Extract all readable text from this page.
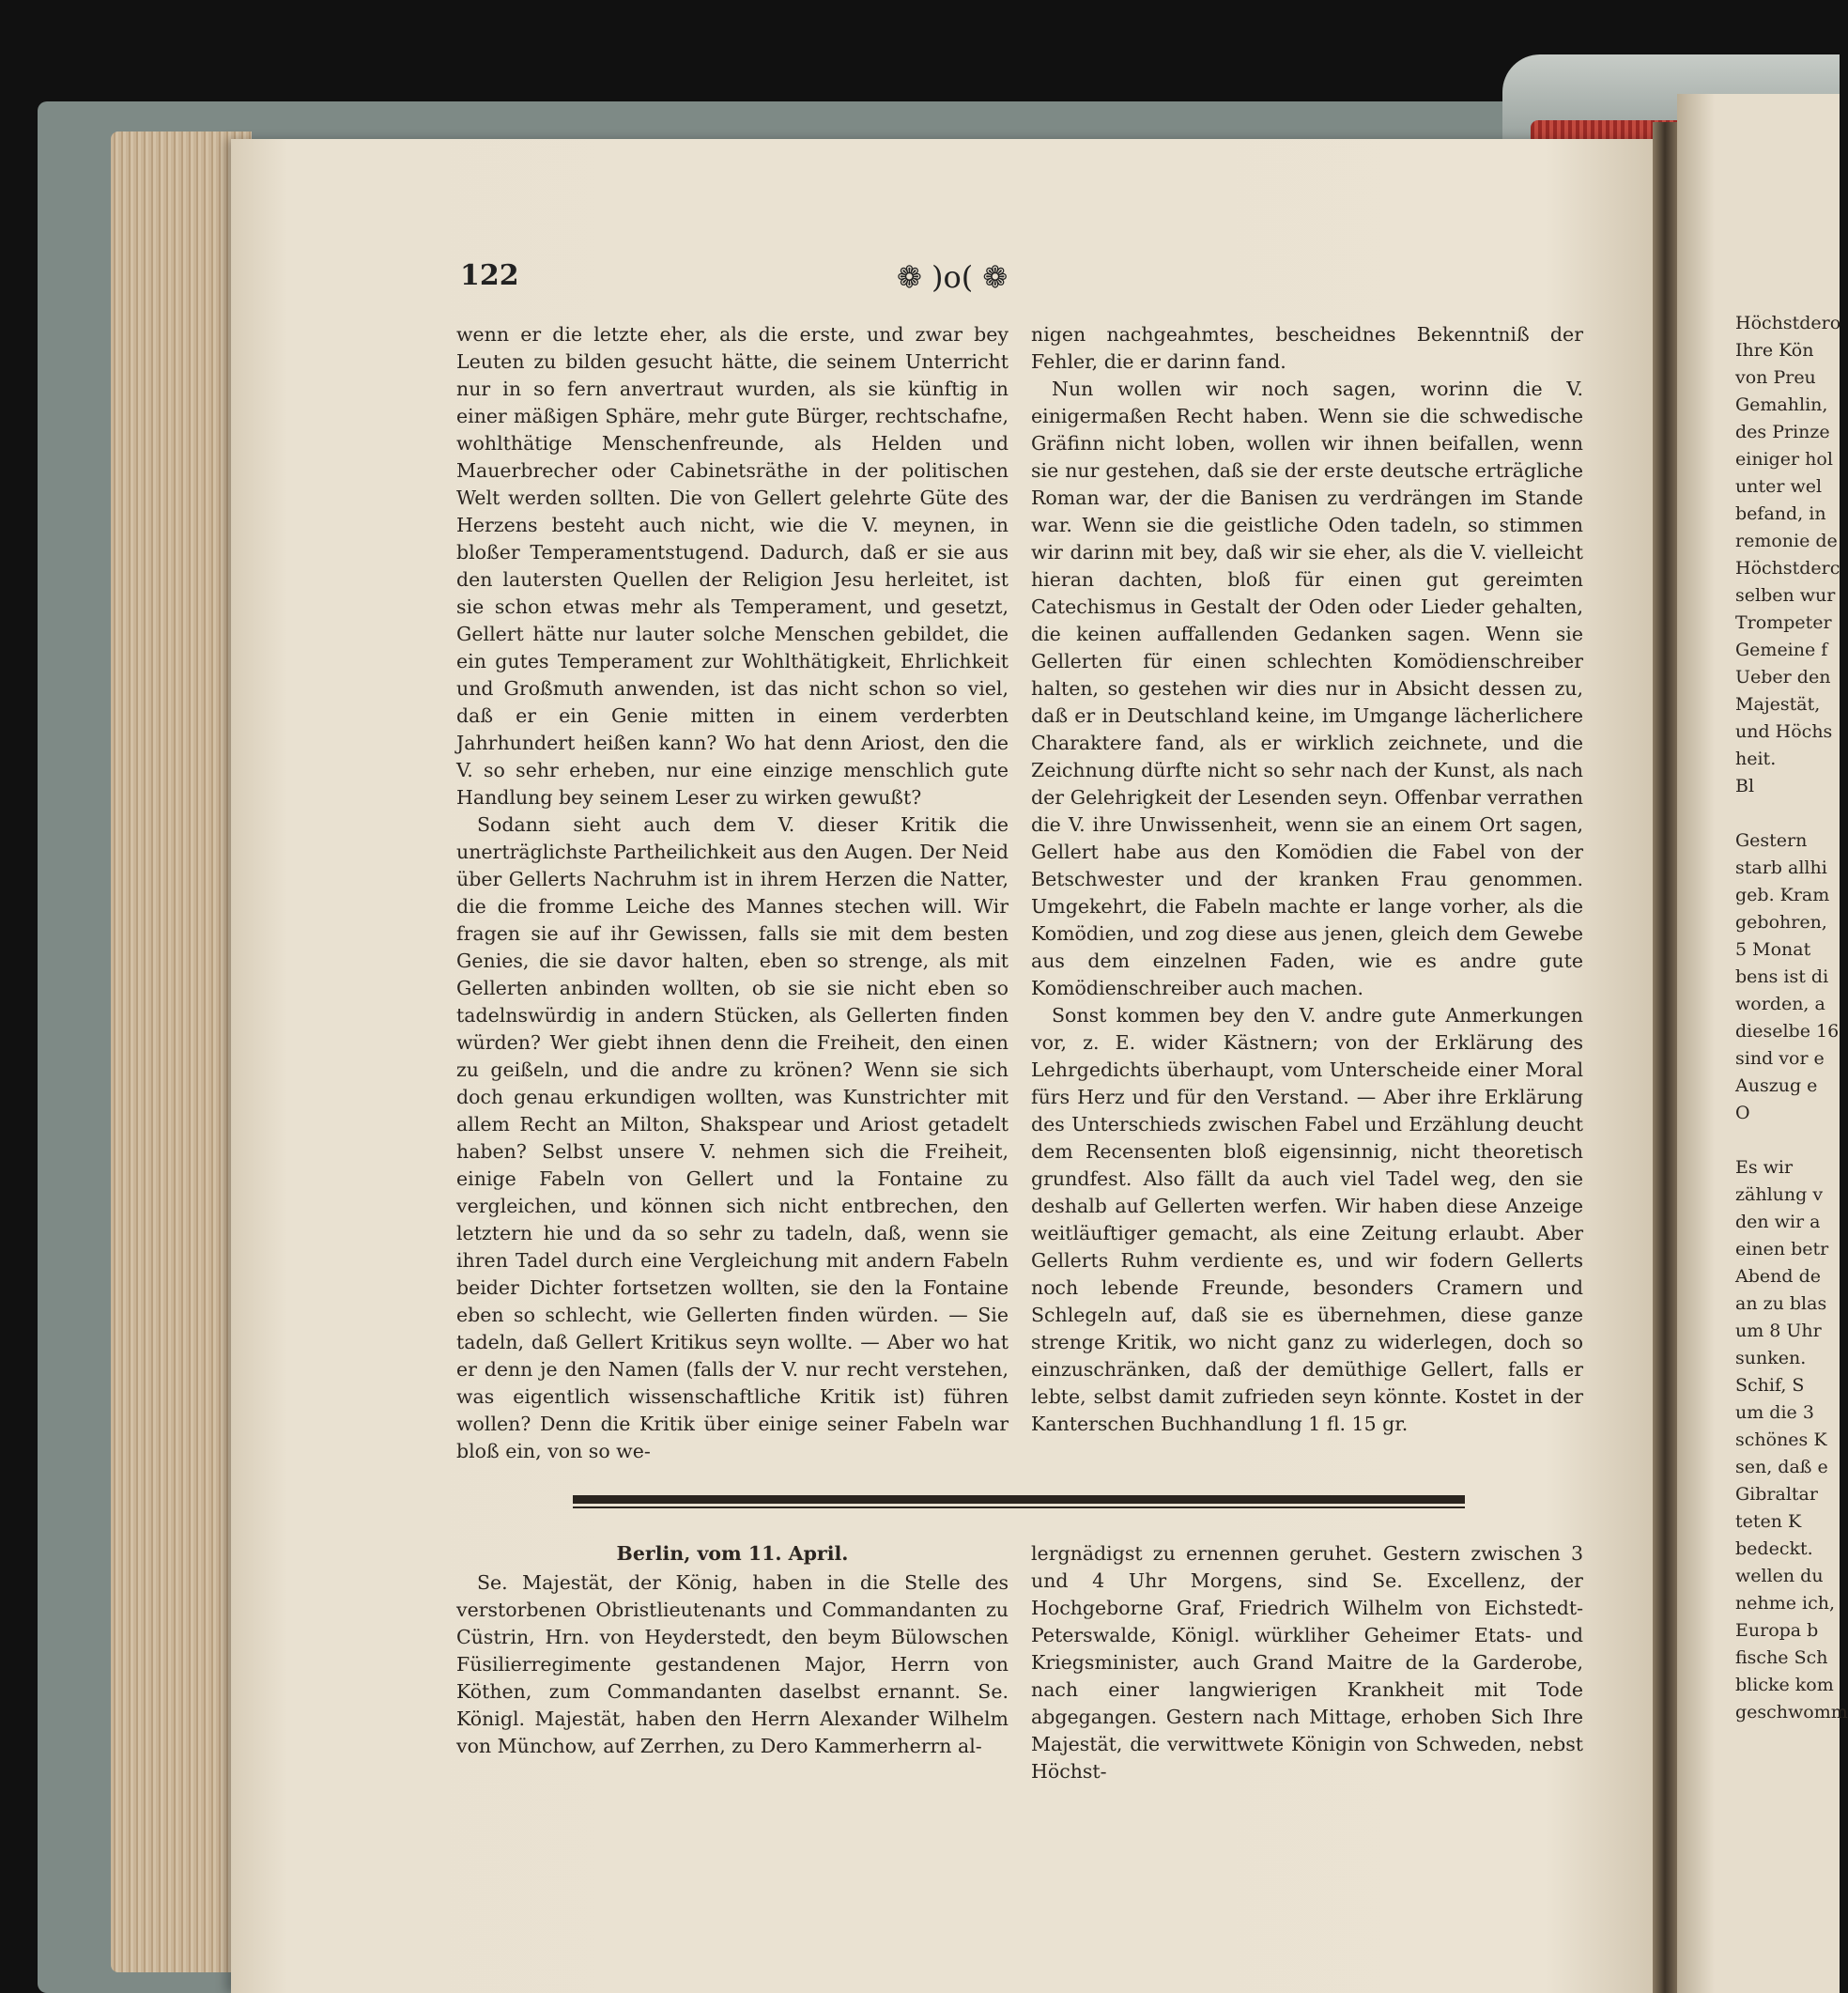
122	❁ )o( ❁

wenn er die letzte eher, als die erste, und zwar bey Leuten zu bilden gesucht hätte, die seinem Unterricht nur in so fern anvertraut wurden, als sie künftig in einer mäßigen Sphäre, mehr gute Bürger, rechtschafne, wohlthätige Menschenfreunde, als Helden und Mauerbrecher oder Cabinetsräthe in der politischen Welt werden sollten. Die von Gellert gelehrte Güte des Herzens besteht auch nicht, wie die V. meynen, in bloßer Temperamentstugend. Dadurch, daß er sie aus den lautersten Quellen der Religion Jesu herleitet, ist sie schon etwas mehr als Temperament, und gesetzt, Gellert hätte nur lauter solche Menschen gebildet, die ein gutes Temperament zur Wohlthätigkeit, Ehrlichkeit und Großmuth anwenden, ist das nicht schon so viel, daß er ein Genie mitten in einem verderbten Jahrhundert heißen kann? Wo hat denn Ariost, den die V. so sehr erheben, nur eine einzige menschlich gute Handlung bey seinem Leser zu wirken gewußt?

Sodann sieht auch dem V. dieser Kritik die unerträglichste Partheilichkeit aus den Augen. Der Neid über Gellerts Nachruhm ist in ihrem Herzen die Natter, die die fromme Leiche des Mannes stechen will. Wir fragen sie auf ihr Gewissen, falls sie mit dem besten Genies, die sie davor halten, eben so strenge, als mit Gellerten anbinden wollten, ob sie sie nicht eben so tadelnswürdig in andern Stücken, als Gellerten finden würden? Wer giebt ihnen denn die Freiheit, den einen zu geißeln, und die andre zu krönen? Wenn sie sich doch genau erkundigen wollten, was Kunstrichter mit allem Recht an Milton, Shakspear und Ariost getadelt haben? Selbst unsere V. nehmen sich die Freiheit, einige Fabeln von Gellert und la Fontaine zu vergleichen, und können sich nicht entbrechen, den letztern hie und da so sehr zu tadeln, daß, wenn sie ihren Tadel durch eine Vergleichung mit andern Fabeln beider Dichter fortsetzen wollten, sie den la Fontaine eben so schlecht, wie Gellerten finden würden. — Sie tadeln, daß Gellert Kritikus seyn wollte. — Aber wo hat er denn je den Namen (falls der V. nur recht verstehen, was eigentlich wissenschaftliche Kritik ist) führen wollen? Denn die Kritik über einige seiner Fabeln war bloß ein, von so we-

nigen nachgeahmtes, bescheidnes Bekenntniß der Fehler, die er darinn fand.

Nun wollen wir noch sagen, worinn die V. einigermaßen Recht haben. Wenn sie die schwedische Gräfinn nicht loben, wollen wir ihnen beifallen, wenn sie nur gestehen, daß sie der erste deutsche erträgliche Roman war, der die Banisen zu verdrängen im Stande war. Wenn sie die geistliche Oden tadeln, so stimmen wir darinn mit bey, daß wir sie eher, als die V. vielleicht hieran dachten, bloß für einen gut gereimten Catechismus in Gestalt der Oden oder Lieder gehalten, die keinen auffallenden Gedanken sagen. Wenn sie Gellerten für einen schlechten Komödienschreiber halten, so gestehen wir dies nur in Absicht dessen zu, daß er in Deutschland keine, im Umgange lächerlichere Charaktere fand, als er wirklich zeichnete, und die Zeichnung dürfte nicht so sehr nach der Kunst, als nach der Gelehrigkeit der Lesenden seyn. Offenbar verrathen die V. ihre Unwissenheit, wenn sie an einem Ort sagen, Gellert habe aus den Komödien die Fabel von der Betschwester und der kranken Frau genommen. Umgekehrt, die Fabeln machte er lange vorher, als die Komödien, und zog diese aus jenen, gleich dem Gewebe aus dem einzelnen Faden, wie es andre gute Komödienschreiber auch machen.

Sonst kommen bey den V. andre gute Anmerkungen vor, z. E. wider Kästnern; von der Erklärung des Lehrgedichts überhaupt, vom Unterscheide einer Moral fürs Herz und für den Verstand. — Aber ihre Erklärung des Unterschieds zwischen Fabel und Erzählung deucht dem Recensenten bloß eigensinnig, nicht theoretisch grundfest. Also fällt da auch viel Tadel weg, den sie deshalb auf Gellerten werfen. Wir haben diese Anzeige weitläuftiger gemacht, als eine Zeitung erlaubt. Aber Gellerts Ruhm verdiente es, und wir fodern Gellerts noch lebende Freunde, besonders Cramern und Schlegeln auf, daß sie es übernehmen, diese ganze strenge Kritik, wo nicht ganz zu widerlegen, doch so einzuschränken, daß der demüthige Gellert, falls er lebte, selbst damit zufrieden seyn könnte. Kostet in der Kanterschen Buchhandlung 1 fl. 15 gr.

Berlin, vom 11. April.

Se. Majestät, der König, haben in die Stelle des verstorbenen Obristlieutenants und Commandanten zu Cüstrin, Hrn. von Heyderstedt, den beym Bülowschen Füsilierregimente gestandenen Major, Herrn von Köthen, zum Commandanten daselbst ernannt. Se. Königl. Majestät, haben den Herrn Alexander Wilhelm von Münchow, auf Zerrhen, zu Dero Kammerherrn al-

lergnädigst zu ernennen geruhet. Gestern zwischen 3 und 4 Uhr Morgens, sind Se. Excellenz, der Hochgeborne Graf, Friedrich Wilhelm von Eichstedt-Peterswalde, Königl. würkliher Geheimer Etats- und Kriegsminister, auch Grand Maitre de la Garderobe, nach einer langwierigen Krankheit mit Tode abgegangen. Gestern nach Mittage, erhoben Sich Ihre Majestät, die verwittwete Königin von Schweden, nebst Höchst-

Höchstdero
Ihre Kön
von Preu
Gemahlin,
des Prinze
einiger hol
unter wel
befand, in
remonie de
Höchstderc
selben wur
Trompeter
Gemeine f
Ueber den
Majestät,
und Höchs
heit.
Bl
Gestern
starb allhi
geb. Kram
gebohren,
5 Monat
bens ist di
worden, a
dieselbe 16
sind vor e
Auszug e
O
Es wir
zählung v
den wir a
einen betr
Abend de
an zu blas
um 8 Uhr
sunken.
Schif, S
um die 3
schönes K
sen, daß e
Gibraltar
teten K
bedeckt.
wellen du
nehme ich,
Europa b
fische Sch
blicke kom
geschwomm
